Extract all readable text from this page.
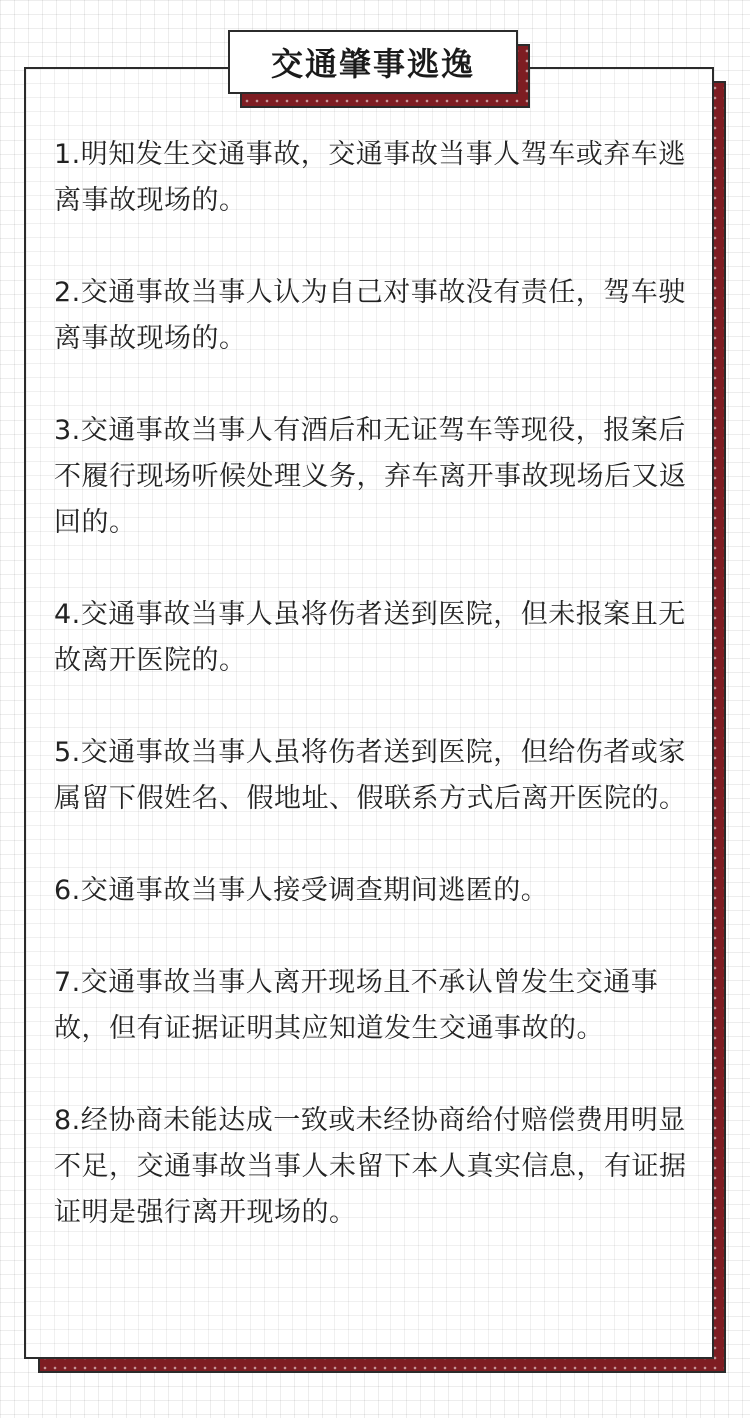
交通肇事逃逸

1.明知发生交通事故，交通事故当事人驾车或弃车逃离事故现场的。

2.交通事故当事人认为自己对事故没有责任，驾车驶离事故现场的。

3.交通事故当事人有酒后和无证驾车等现役，报案后不履行现场听候处理义务，弃车离开事故现场后又返回的。

4.交通事故当事人虽将伤者送到医院，但未报案且无故离开医院的。

5.交通事故当事人虽将伤者送到医院，但给伤者或家属留下假姓名、假地址、假联系方式后离开医院的。

6.交通事故当事人接受调查期间逃匿的。

7.交通事故当事人离开现场且不承认曾发生交通事故，但有证据证明其应知道发生交通事故的。

8.经协商未能达成一致或未经协商给付赔偿费用明显不足，交通事故当事人未留下本人真实信息，有证据证明是强行离开现场的。
